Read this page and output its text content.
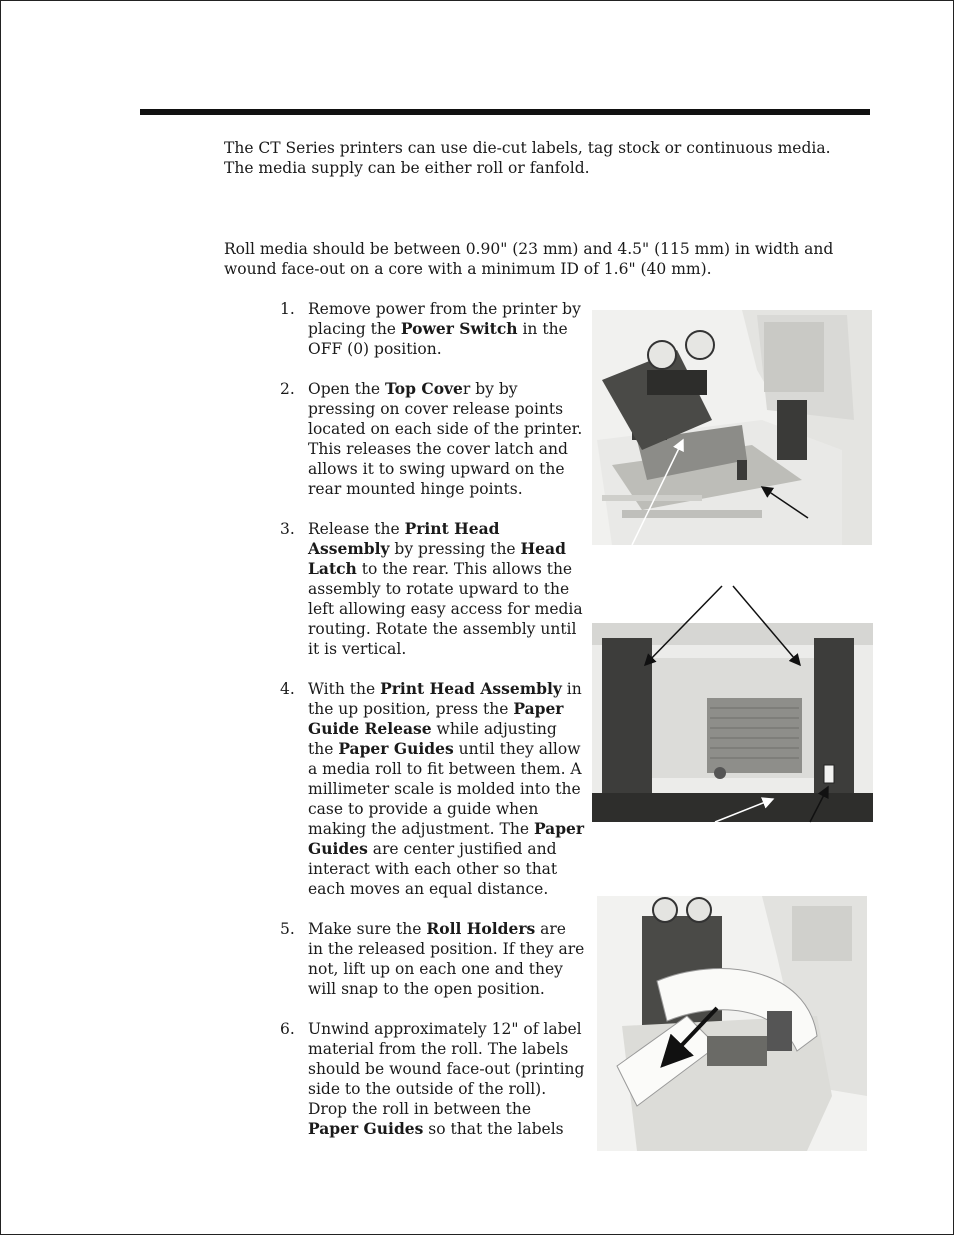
The CT Series printers can use die-cut labels, tag stock or continuous media. The media supply can be either roll or fanfold.

Roll media should be between 0.90" (23 mm) and 4.5" (115 mm) in width and wound face-out on a core with a minimum ID of 1.6" (40 mm).

1. Remove power from the printer by placing the Power Switch in the OFF (0) position.
2. Open the Top Cover by by pressing on cover release points located on each side of the printer. This releases the cover latch and allows it to swing upward on the rear mounted hinge points.
3. Release the Print Head Assembly by pressing the Head Latch to the rear. This allows the assembly to rotate upward to the left allowing easy access for media routing. Rotate the assembly until it is vertical.
4. With the Print Head Assembly in the up position, press the Paper Guide Release while adjusting the Paper Guides until they allow a media roll to fit between them. A millimeter scale is molded into the case to provide a guide when making the adjustment. The Paper Guides are center justified and interact with each other so that each moves an equal distance.
5. Make sure the Roll Holders are in the released position. If they are not, lift up on each one and they will snap to the open position.
6. Unwind approximately 12" of label material from the roll. The labels should be wound face-out (printing side to the outside of the roll). Drop the roll in between the Paper Guides so that the labels
